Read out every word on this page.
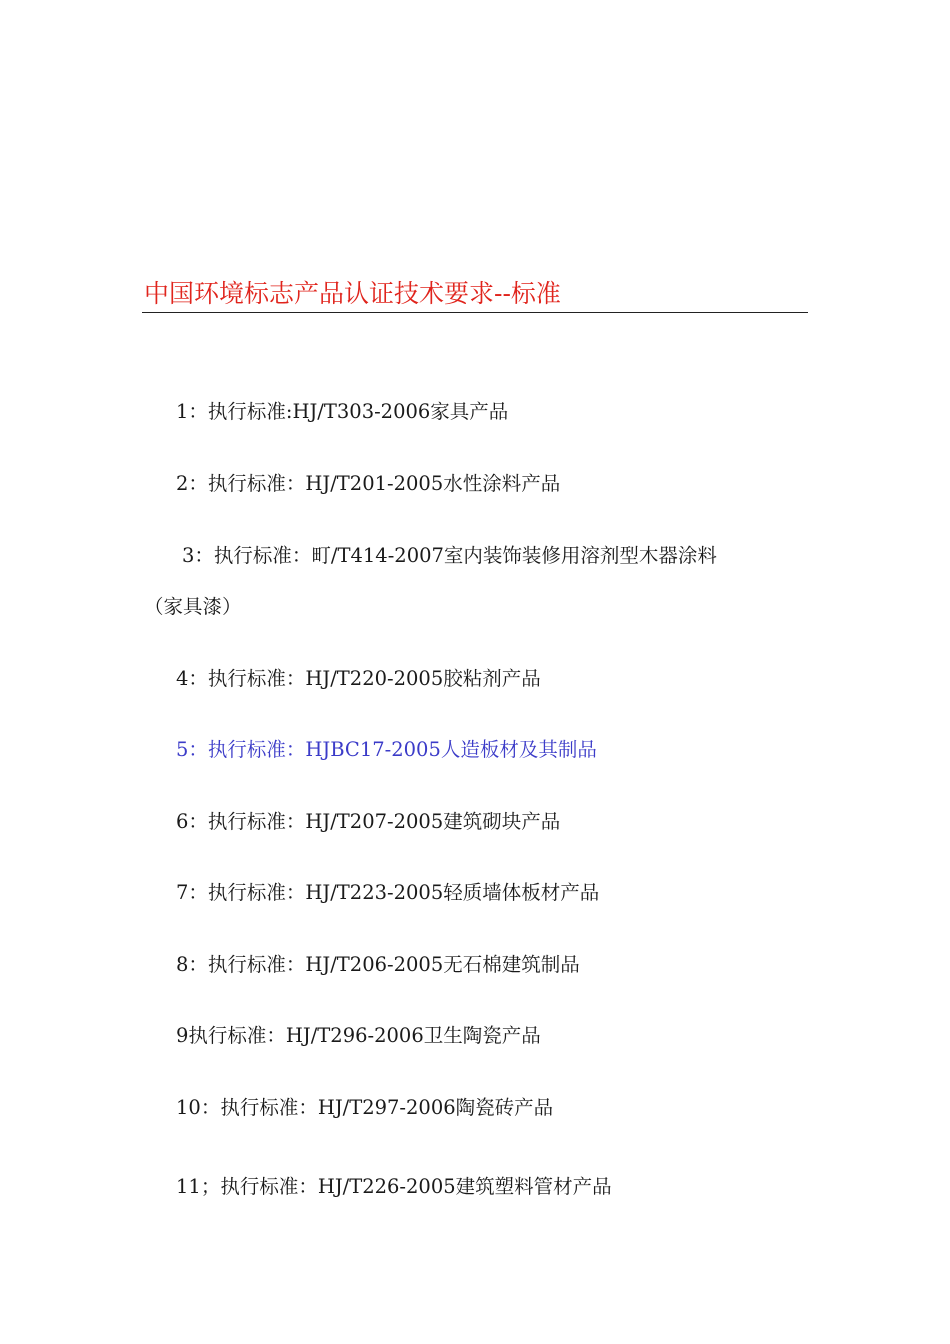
中国环境标志产品认证技术要求--标准
1：执行标准:HJ/T303-2006家具产品
2：执行标准：HJ/T201-2005水性涂料产品
3：执行标准：町/T414-2007室内装饰装修用溶剂型木器涂料
（家具漆）
4：执行标准：HJ/T220-2005胶粘剂产品
5：执行标准：HJBC17-2005人造板材及其制品
6：执行标准：HJ/T207-2005建筑砌块产品
7：执行标准：HJ/T223-2005轻质墙体板材产品
8：执行标准：HJ/T206-2005无石棉建筑制品
9执行标准：HJ/T296-2006卫生陶瓷产品
10：执行标准：HJ/T297-2006陶瓷砖产品
11；执行标准：HJ/T226-2005建筑塑料管材产品
